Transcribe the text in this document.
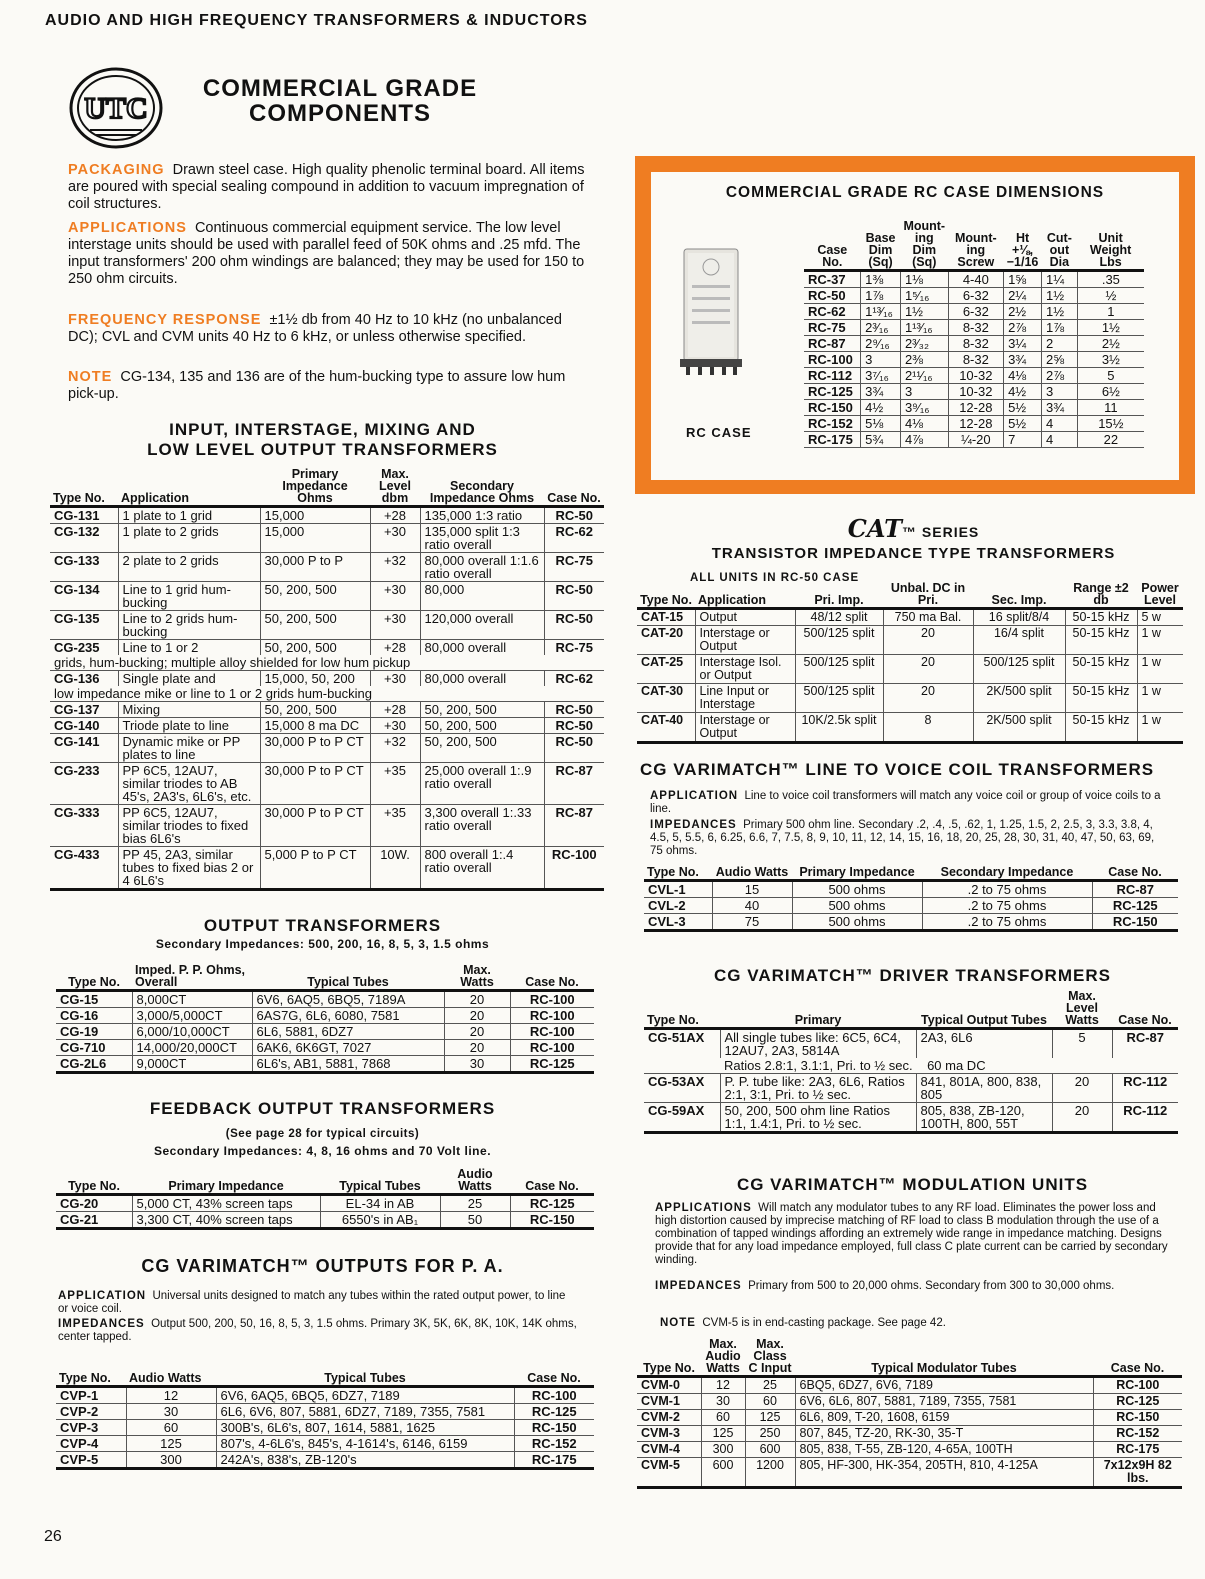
AUDIO AND HIGH FREQUENCY TRANSFORMERS & INDUCTORS
UTC
COMMERCIAL GRADE
COMPONENTS
PACKAGING Drawn steel case. High quality phenolic terminal board. All items are poured with special sealing compound in addition to vacuum impregnation of coil structures.
APPLICATIONS Continuous commercial equipment service. The low level interstage units should be used with parallel feed of 50K ohms and .25 mfd. The input transformers' 200 ohm windings are balanced; they may be used for 150 to 250 ohm circuits.
FREQUENCY RESPONSE ±1½ db from 40 Hz to 10 kHz (no unbalanced DC); CVL and CVM units 40 Hz to 6 kHz, or unless otherwise specified.
NOTE CG-134, 135 and 136 are of the hum-bucking type to assure low hum pick-up.
INPUT, INTERSTAGE, MIXING AND
LOW LEVEL OUTPUT TRANSFORMERS
Type No.	Application	Primary Impedance Ohms	Max. Level dbm	Secondary Impedance Ohms	Case No.
CG-131	1 plate to 1 grid	15,000	+28	135,000 1:3 ratio	RC-50
CG-132	1 plate to 2 grids	15,000	+30	135,000 split 1:3 ratio overall	RC-62
CG-133	2 plate to 2 grids	30,000 P to P	+32	80,000 overall 1:1.6 ratio overall	RC-75
CG-134	Line to 1 grid hum-bucking	50, 200, 500	+30	80,000	RC-50
CG-135	Line to 2 grids hum-bucking	50, 200, 500	+30	120,000 overall	RC-50
CG-235	Line to 1 or 2	50, 200, 500	+28	80,000 overall	RC-75
grids, hum-bucking; multiple alloy shielded for low hum pickup					
CG-136	Single plate and	15,000, 50, 200	+30	80,000 overall	RC-62
low impedance mike or line to 1 or 2 grids hum-bucking					
CG-137	Mixing	50, 200, 500	+28	50, 200, 500	RC-50
CG-140	Triode plate to line	15,000 8 ma DC	+30	50, 200, 500	RC-50
CG-141	Dynamic mike or PP plates to line	30,000 P to P CT	+32	50, 200, 500	RC-50
CG-233	PP 6C5, 12AU7, similar triodes to AB 45's, 2A3's, 6L6's, etc.	30,000 P to P CT	+35	25,000 overall 1:.9 ratio overall	RC-87
CG-333	PP 6C5, 12AU7, similar triodes to fixed bias 6L6's	30,000 P to P CT	+35	3,300 overall 1:.33 ratio overall	RC-87
CG-433	PP 45, 2A3, similar tubes to fixed bias 2 or 4 6L6's	5,000 P to P CT	10W.	800 overall 1:.4 ratio overall	RC-100
OUTPUT TRANSFORMERS
Secondary Impedances: 500, 200, 16, 8, 5, 3, 1.5 ohms
Type No.	Imped. P. P. Ohms, Overall	Typical Tubes	Max. Watts	Case No.
CG-15	8,000CT	6V6, 6AQ5, 6BQ5, 7189A	20	RC-100
CG-16	3,000/5,000CT	6AS7G, 6L6, 6080, 7581	20	RC-100
CG-19	6,000/10,000CT	6L6, 5881, 6DZ7	20	RC-100
CG-710	14,000/20,000CT	6AK6, 6K6GT, 7027	20	RC-100
CG-2L6	9,000CT	6L6's, AB1, 5881, 7868	30	RC-125
FEEDBACK OUTPUT TRANSFORMERS
(See page 28 for typical circuits)
Secondary Impedances: 4, 8, 16 ohms and 70 Volt line.
Type No.	Primary Impedance	Typical Tubes	Audio Watts	Case No.
CG-20	5,000 CT, 43% screen taps	EL-34 in AB	25	RC-125
CG-21	3,300 CT, 40% screen taps	6550's in AB₁	50	RC-150
CG VARIMATCH™ OUTPUTS FOR P. A.
APPLICATION Universal units designed to match any tubes within the rated output power, to line or voice coil.
IMPEDANCES Output 500, 200, 50, 16, 8, 5, 3, 1.5 ohms. Primary 3K, 5K, 6K, 8K, 10K, 14K ohms, center tapped.
Type No.	Audio Watts	Typical Tubes	Case No.
CVP-1	12	6V6, 6AQ5, 6BQ5, 6DZ7, 7189	RC-100
CVP-2	30	6L6, 6V6, 807, 5881, 6DZ7, 7189, 7355, 7581	RC-125
CVP-3	60	300B's, 6L6's, 807, 1614, 5881, 1625	RC-150
CVP-4	125	807's, 4-6L6's, 845's, 4-1614's, 6146, 6159	RC-152
CVP-5	300	242A's, 838's, ZB-120's	RC-175
26
COMMERCIAL GRADE RC CASE DIMENSIONS
RC CASE
Case No.	Base Dim (Sq)	Mount-ing Dim (Sq)	Mount-ing Screw	Ht +⅛, −1/16	Cut-out Dia	Unit Weight Lbs
RC-37	1⅜	1⅛	4-40	1⅝	1¼	.35
RC-50	1⅞	1⁵⁄₁₆	6-32	2¼	1½	½
RC-62	1¹³⁄₁₆	1½	6-32	2½	1½	1
RC-75	2³⁄₁₆	1¹³⁄₁₆	8-32	2⅞	1⅞	1½
RC-87	2⁹⁄₁₆	2³⁄₃₂	8-32	3¼	2	2½
RC-100	3	2⅜	8-32	3¾	2⅝	3½
RC-112	3⁷⁄₁₆	2¹¹⁄₁₆	10-32	4⅛	2⅞	5
RC-125	3¾	3	10-32	4½	3	6½
RC-150	4½	3⁹⁄₁₆	12-28	5½	3¾	11
RC-152	5⅛	4⅛	12-28	5½	4	15½
RC-175	5¾	4⅞	¼-20	7	4	22
CAT™ SERIES
TRANSISTOR IMPEDANCE TYPE TRANSFORMERS
ALL UNITS IN RC-50 CASE
Type No.	Application	Pri. Imp.	Unbal. DC in Pri.	Sec. Imp.	Range ±2 db	Power Level
CAT-15	Output	48/12 split	750 ma Bal.	16 split/8/4	50-15 kHz	5 w
CAT-20	Interstage or Output	500/125 split	20	16/4 split	50-15 kHz	1 w
CAT-25	Interstage Isol. or Output	500/125 split	20	500/125 split	50-15 kHz	1 w
CAT-30	Line Input or Interstage	500/125 split	20	2K/500 split	50-15 kHz	1 w
CAT-40	Interstage or Output	10K/2.5k split	8	2K/500 split	50-15 kHz	1 w
CG VARIMATCH™ LINE TO VOICE COIL TRANSFORMERS
APPLICATION Line to voice coil transformers will match any voice coil or group of voice coils to a line.
IMPEDANCES Primary 500 ohm line. Secondary .2, .4, .5, .62, 1, 1.25, 1.5, 2, 2.5, 3, 3.3, 3.8, 4, 4.5, 5, 5.5, 6, 6.25, 6.6, 7, 7.5, 8, 9, 10, 11, 12, 14, 15, 16, 18, 20, 25, 28, 30, 31, 40, 47, 50, 63, 69, 75 ohms.
Type No.	Audio Watts	Primary Impedance	Secondary Impedance	Case No.
CVL-1	15	500 ohms	.2 to 75 ohms	RC-87
CVL-2	40	500 ohms	.2 to 75 ohms	RC-125
CVL-3	75	500 ohms	.2 to 75 ohms	RC-150
CG VARIMATCH™ DRIVER TRANSFORMERS
Type No.	Primary	Typical Output Tubes	Max. Level Watts	Case No.
CG-51AX	All single tubes like: 6C5, 6C4, 12AU7, 2A3, 5814A	2A3, 6L6	5	RC-87
	Ratios 2.8:1, 3.1:1, Pri. to ½ sec. 60 ma DC			
CG-53AX	P. P. tube like: 2A3, 6L6, Ratios 2:1, 3:1, Pri. to ½ sec.	841, 801A, 800, 838, 805	20	RC-112
CG-59AX	50, 200, 500 ohm line Ratios 1:1, 1.4:1, Pri. to ½ sec.	805, 838, ZB-120, 100TH, 800, 55T	20	RC-112
CG VARIMATCH™ MODULATION UNITS
APPLICATIONS Will match any modulator tubes to any RF load. Eliminates the power loss and high distortion caused by imprecise matching of RF load to class B modulation through the use of a combination of tapped windings affording an extremely wide range in impedance matching. Designs provide that for any load impedance employed, full class C plate current can be carried by secondary winding.
IMPEDANCES Primary from 500 to 20,000 ohms. Secondary from 300 to 30,000 ohms.
NOTE CVM-5 is in end-casting package. See page 42.
Type No.	Max. Audio Watts	Max. Class C Input	Typical Modulator Tubes	Case No.
CVM-0	12	25	6BQ5, 6DZ7, 6V6, 7189	RC-100
CVM-1	30	60	6V6, 6L6, 807, 5881, 7189, 7355, 7581	RC-125
CVM-2	60	125	6L6, 809, T-20, 1608, 6159	RC-150
CVM-3	125	250	807, 845, TZ-20, RK-30, 35-T	RC-152
CVM-4	300	600	805, 838, T-55, ZB-120, 4-65A, 100TH	RC-175
CVM-5	600	1200	805, HF-300, HK-354, 205TH, 810, 4-125A	7x12x9H 82 lbs.
